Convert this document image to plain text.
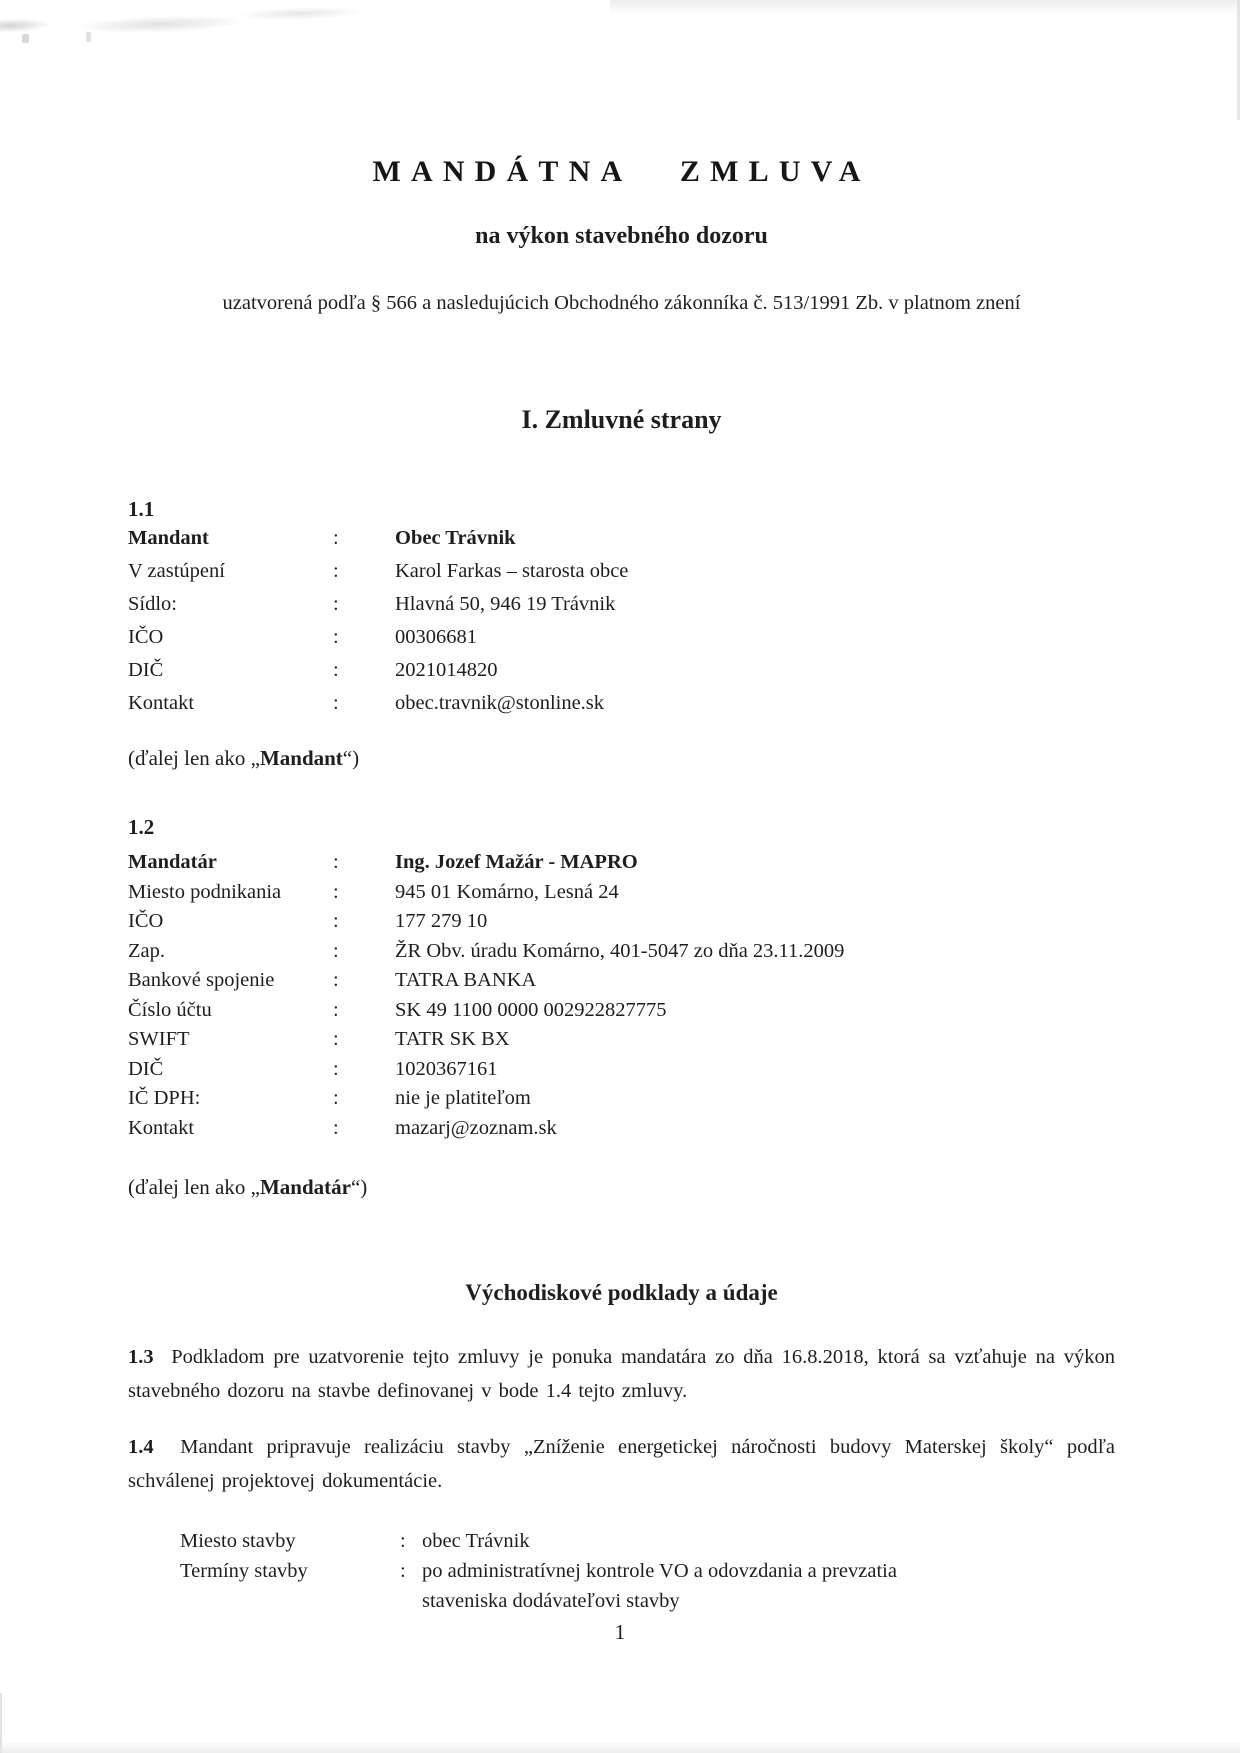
MANDÁTNA ZMLUVA
na výkon stavebného dozoru
uzatvorená podľa § 566 a nasledujúcich Obchodného zákonníka č. 513/1991 Zb. v platnom znení
I. Zmluvné strany
1.1
Mandant	:	Obec Trávnik
V zastúpení	:	Karol Farkas – starosta obce
Sídlo:	:	Hlavná 50, 946 19 Trávnik
IČO	:	00306681
DIČ	:	2021014820
Kontakt	:	obec.travnik@stonline.sk
(ďalej len ako „Mandant“)
1.2
Mandatár	:	Ing. Jozef Mažár - MAPRO
Miesto podnikania	:	945 01 Komárno, Lesná 24
IČO	:	177 279 10
Zap.	:	ŽR Obv. úradu Komárno, 401-5047 zo dňa 23.11.2009
Bankové spojenie	:	TATRA BANKA
Číslo účtu	:	SK 49 1100 0000 002922827775
SWIFT	:	TATR SK BX
DIČ	:	1020367161
IČ DPH:	:	nie je platiteľom
Kontakt	:	mazarj@zoznam.sk
(ďalej len ako „Mandatár“)
Východiskové podklady a údaje

1.3 Podkladom pre uzatvorenie tejto zmluvy je ponuka mandatára zo dňa 16.8.2018, ktorá sa vzťahuje na výkon stavebného dozoru na stavbe definovanej v bode 1.4 tejto zmluvy.

1.4 Mandant pripravuje realizáciu stavby „Zníženie energetickej náročnosti budovy Materskej školy“ podľa schválenej projektovej dokumentácie.

Miesto stavby	: obec Trávnik
Termíny stavby	: po administratívnej kontrole VO a odovzdania a prevzatia staveniska dodávateľovi stavby
1
